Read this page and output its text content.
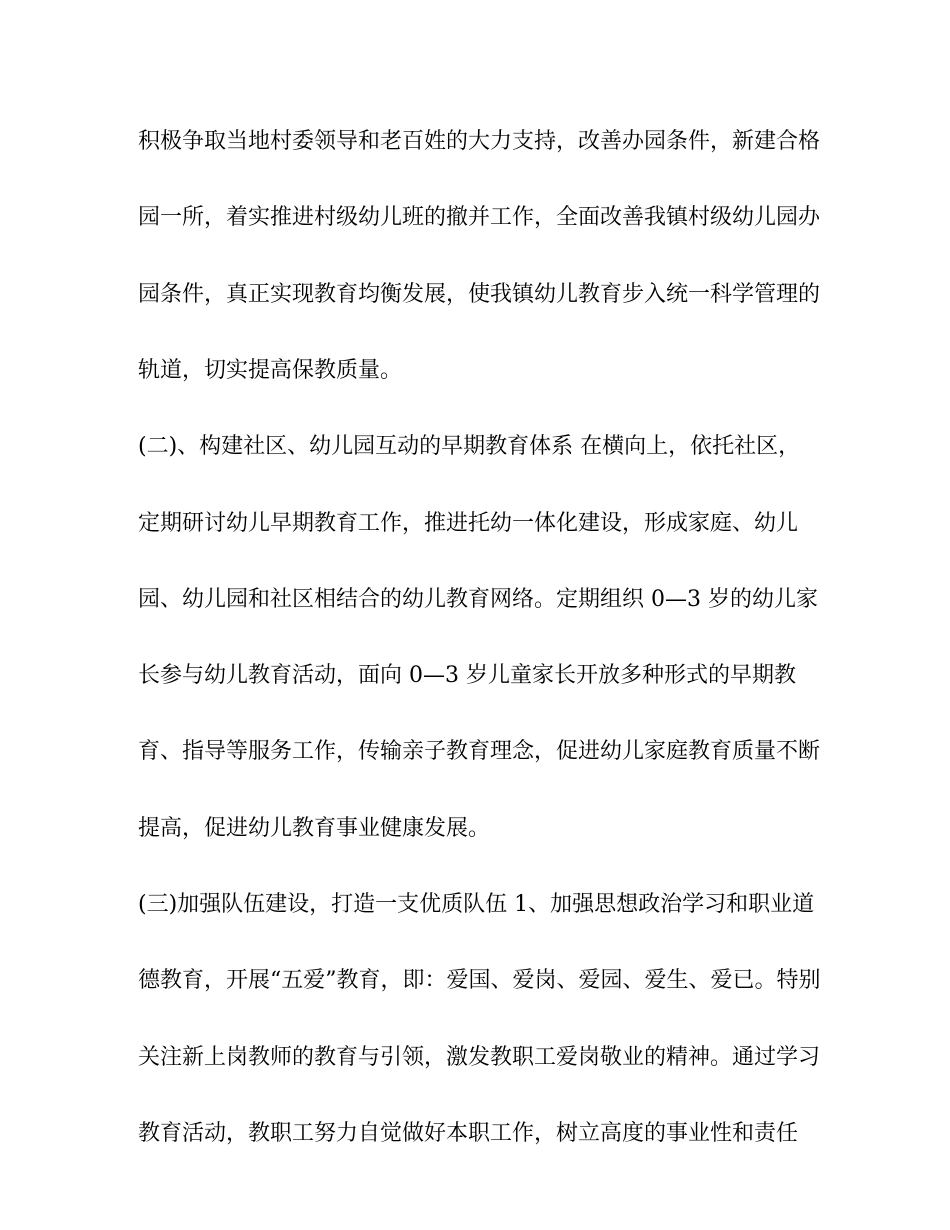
积极争取当地村委领导和老百姓的大力支持，改善办园条件，新建合格

园一所，着实推进村级幼儿班的撤并工作，全面改善我镇村级幼儿园办

园条件，真正实现教育均衡发展，使我镇幼儿教育步入统一科学管理的

轨道，切实提高保教质量。

(二)、构建社区、幼儿园互动的早期教育体系 在横向上，依托社区，

定期研讨幼儿早期教育工作，推进托幼一体化建设，形成家庭、幼儿

园、幼儿园和社区相结合的幼儿教育网络。定期组织 0—3 岁的幼儿家

长参与幼儿教育活动，面向 0—3 岁儿童家长开放多种形式的早期教

育、指导等服务工作，传输亲子教育理念，促进幼儿家庭教育质量不断

提高，促进幼儿教育事业健康发展。

(三)加强队伍建设，打造一支优质队伍 1、加强思想政治学习和职业道

德教育，开展“五爱”教育，即：爱国、爱岗、爱园、爱生、爱已。特别

关注新上岗教师的教育与引领，激发教职工爱岗敬业的精神。通过学习

教育活动，教职工努力自觉做好本职工作，树立高度的事业性和责任
